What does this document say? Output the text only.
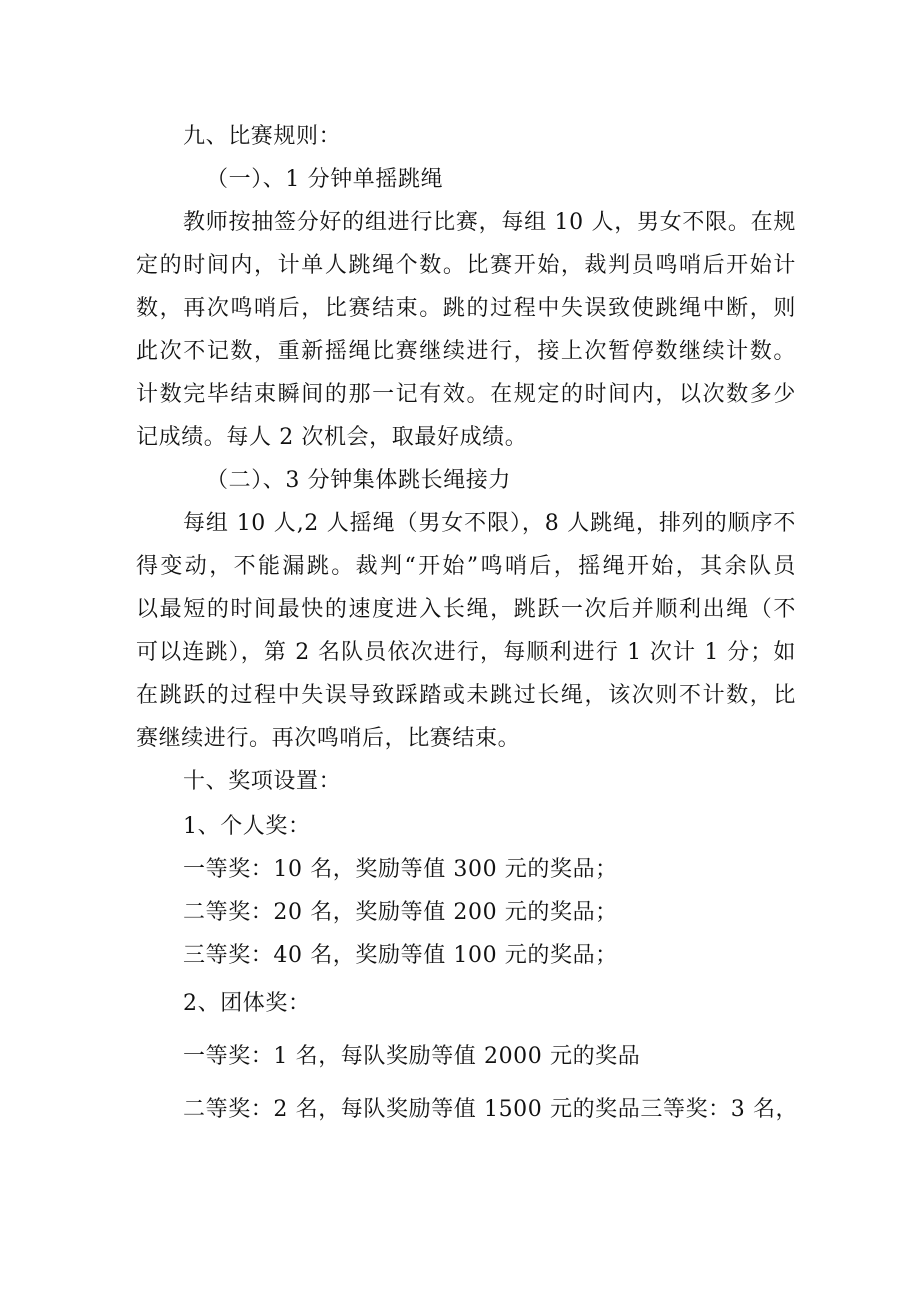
九、比赛规则：
（一）、1 分钟单摇跳绳
教师按抽签分好的组进行比赛，每组 10 人，男女不限。在规
定的时间内，计单人跳绳个数。比赛开始，裁判员鸣哨后开始计
数，再次鸣哨后，比赛结束。跳的过程中失误致使跳绳中断，则
此次不记数，重新摇绳比赛继续进行，接上次暂停数继续计数。
计数完毕结束瞬间的那一记有效。在规定的时间内，以次数多少
记成绩。每人 2 次机会，取最好成绩。
（二）、3 分钟集体跳长绳接力
每组 10 人,2 人摇绳（男女不限），8 人跳绳，排列的顺序不
得变动，不能漏跳。裁判“开始”鸣哨后，摇绳开始，其余队员
以最短的时间最快的速度进入长绳，跳跃一次后并顺利出绳（不
可以连跳），第 2 名队员依次进行，每顺利进行 1 次计 1 分；如
在跳跃的过程中失误导致踩踏或未跳过长绳，该次则不计数，比
赛继续进行。再次鸣哨后，比赛结束。
十、奖项设置：
1、个人奖：
一等奖：10 名，奖励等值 300 元的奖品；
二等奖：20 名，奖励等值 200 元的奖品；
三等奖：40 名，奖励等值 100 元的奖品；
2、团体奖：
一等奖：1 名，每队奖励等值 2000 元的奖品
二等奖：2 名，每队奖励等值 1500 元的奖品三等奖：3 名，
